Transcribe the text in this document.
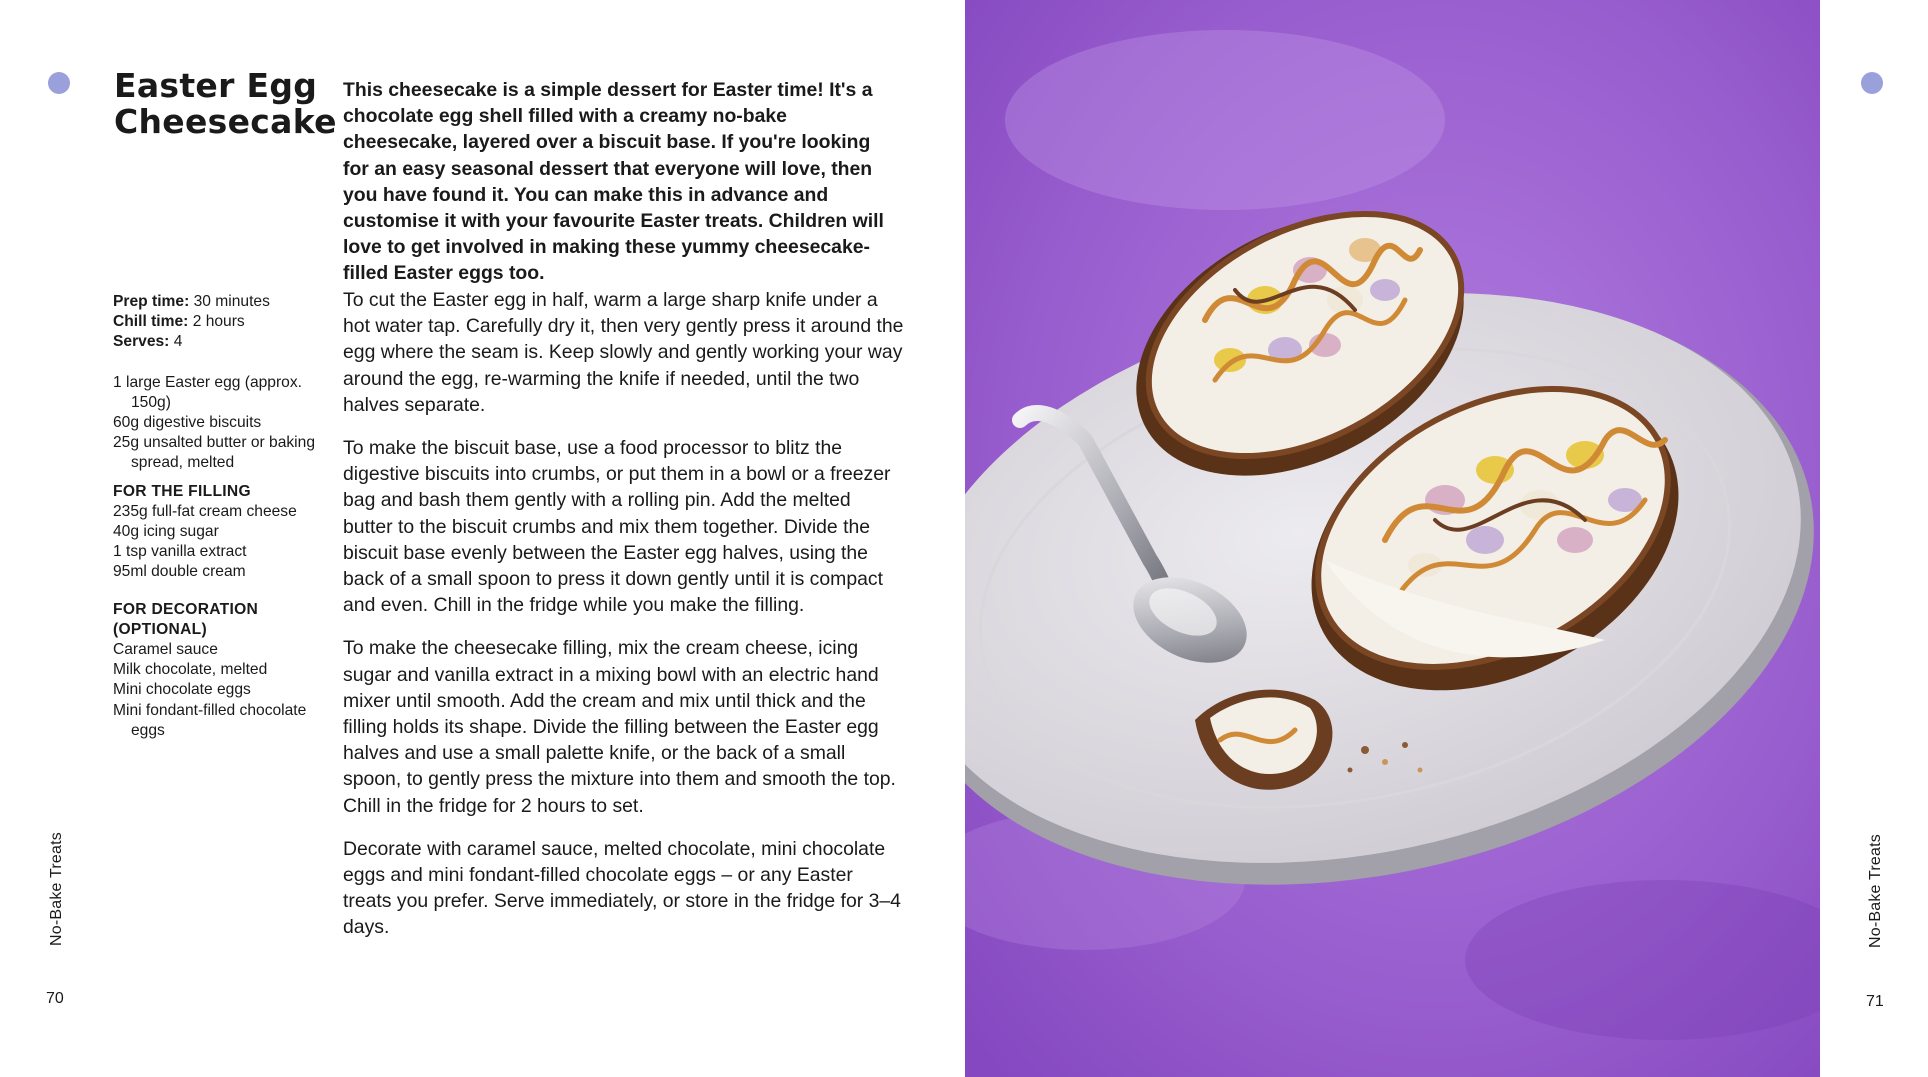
No-Bake Treats	No-Bake Treats
70	71
Easter Egg
Cheesecake

This cheesecake is a simple dessert for Easter time! It's a chocolate egg shell filled with a creamy no-bake cheesecake, layered over a biscuit base. If you're looking for an easy seasonal dessert that everyone will love, then you have found it. You can make this in advance and customise it with your favourite Easter treats. Children will love to get involved in making these yummy cheesecake-filled Easter eggs too.

Prep time: 30 minutes

Chill time: 2 hours

Serves: 4

1 large Easter egg (approx. 150g)

60g digestive biscuits

25g unsalted butter or baking spread, melted

FOR THE FILLING

235g full-fat cream cheese

40g icing sugar

1 tsp vanilla extract

95ml double cream

FOR DECORATION (OPTIONAL)

Caramel sauce

Milk chocolate, melted

Mini chocolate eggs

Mini fondant-filled chocolate eggs

To cut the Easter egg in half, warm a large sharp knife under a hot water tap. Carefully dry it, then very gently press it around the egg where the seam is. Keep slowly and gently working your way around the egg, re-warming the knife if needed, until the two halves separate.

To make the biscuit base, use a food processor to blitz the digestive biscuits into crumbs, or put them in a bowl or a freezer bag and bash them gently with a rolling pin. Add the melted butter to the biscuit crumbs and mix them together. Divide the biscuit base evenly between the Easter egg halves, using the back of a small spoon to press it down gently until it is compact and even. Chill in the fridge while you make the filling.

To make the cheesecake filling, mix the cream cheese, icing sugar and vanilla extract in a mixing bowl with an electric hand mixer until smooth. Add the cream and mix until thick and the filling holds its shape. Divide the filling between the Easter egg halves and use a small palette knife, or the back of a small spoon, to gently press the mixture into them and smooth the top. Chill in the fridge for 2 hours to set.

Decorate with caramel sauce, melted chocolate, mini chocolate eggs and mini fondant-filled chocolate eggs – or any Easter treats you prefer. Serve immediately, or store in the fridge for 3–4 days.
